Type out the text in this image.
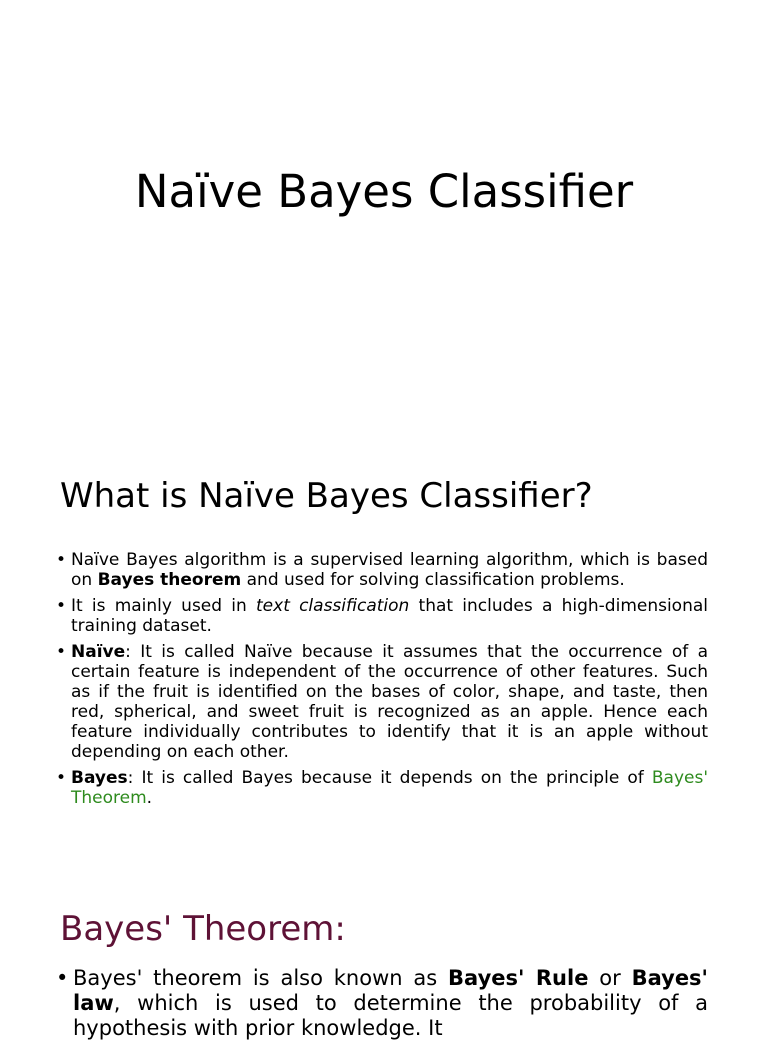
Naïve Bayes Classifier
What is Naïve Bayes Classifier?
• Naïve Bayes algorithm is a supervised learning algorithm, which is based on Bayes theorem and used for solving classification problems.
• It is mainly used in text classification that includes a high-dimensional training dataset.
• Naïve: It is called Naïve because it assumes that the occurrence of a certain feature is independent of the occurrence of other features. Such as if the fruit is identified on the bases of color, shape, and taste, then red, spherical, and sweet fruit is recognized as an apple. Hence each feature individually contributes to identify that it is an apple without depending on each other.
• Bayes: It is called Bayes because it depends on the principle of Bayes' Theorem.
Bayes' Theorem:
• Bayes' theorem is also known as Bayes' Rule or Bayes' law, which is used to determine the probability of a hypothesis with prior knowledge. It
